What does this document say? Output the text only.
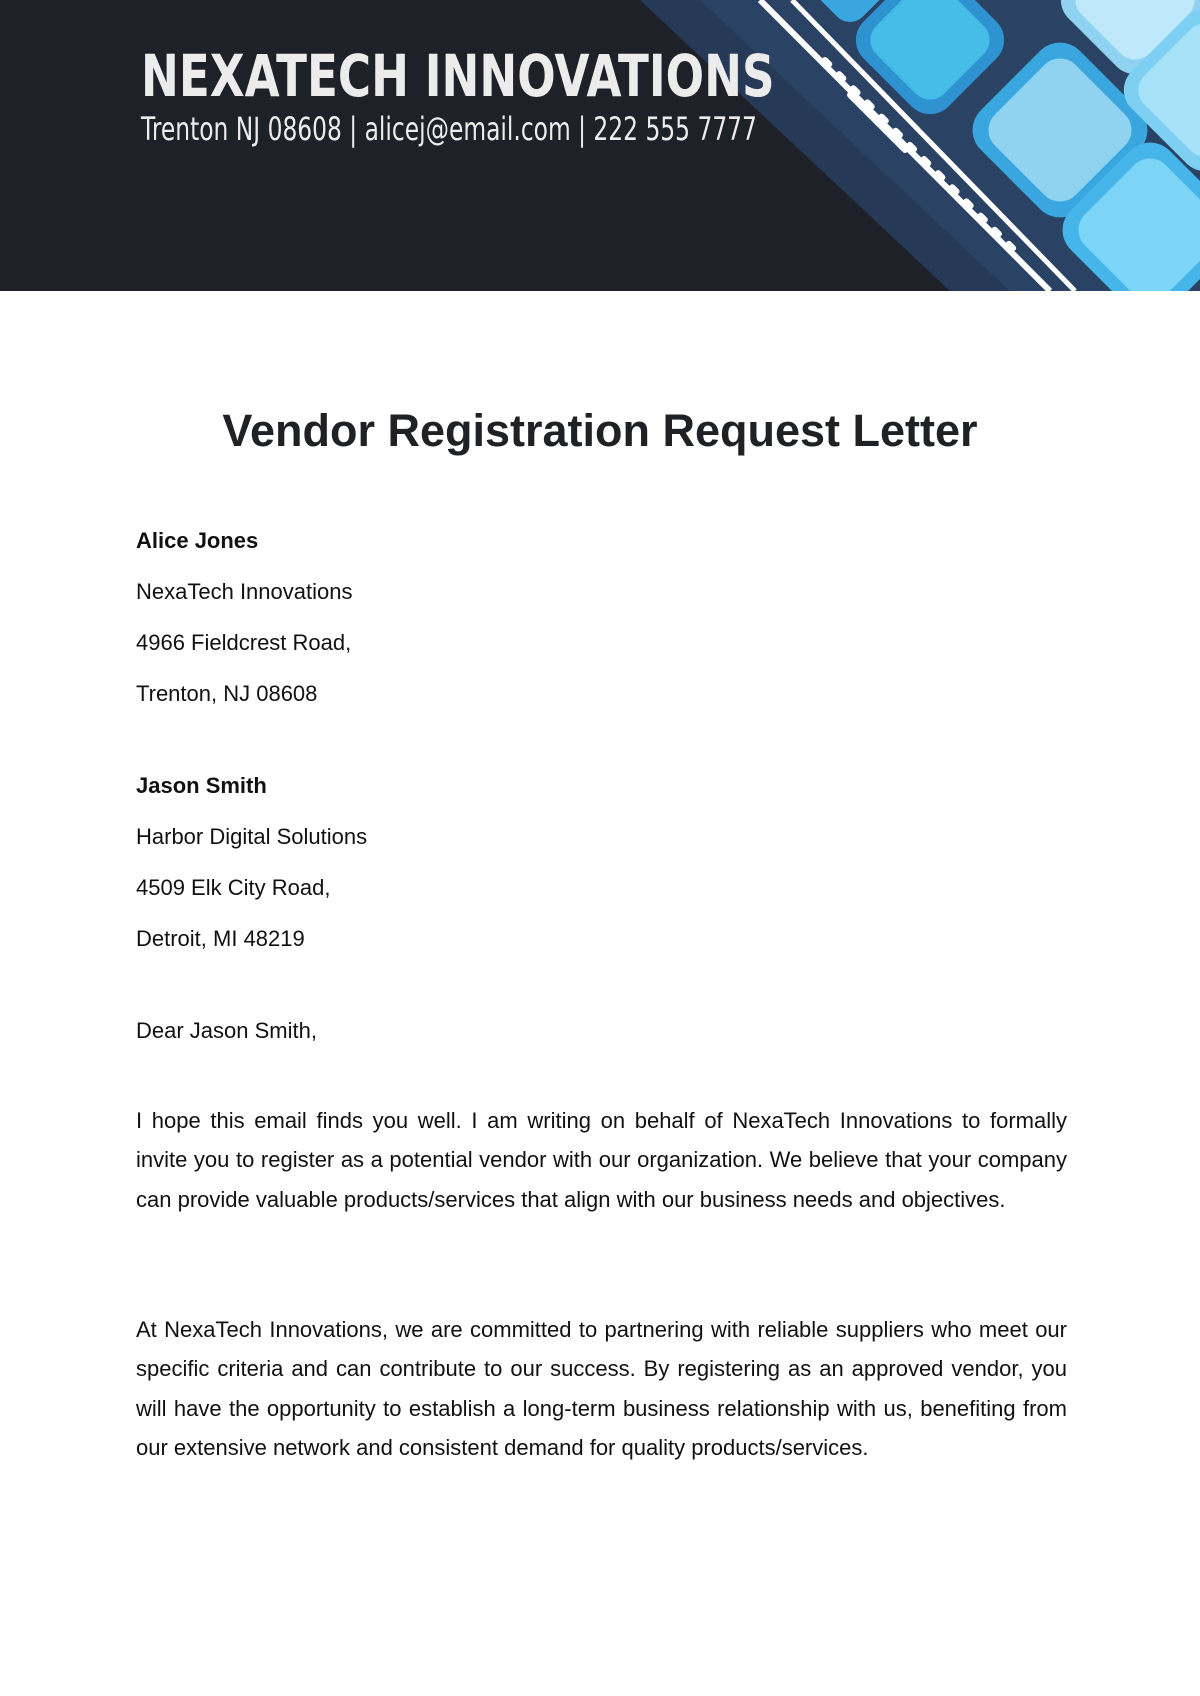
NEXATECH INNOVATIONS

Trenton NJ 08608 | alicej@email.com | 222 555 7777

Vendor Registration Request Letter

Alice Jones

NexaTech Innovations

4966 Fieldcrest Road,

Trenton, NJ 08608

Jason Smith

Harbor Digital Solutions

4509 Elk City Road,

Detroit, MI 48219

Dear Jason Smith,

I hope this email finds you well. I am writing on behalf of NexaTech Innovations to formally invite you to register as a potential vendor with our organization. We believe that your company can provide valuable products/services that align with our business needs and objectives.

At NexaTech Innovations, we are committed to partnering with reliable suppliers who meet our specific criteria and can contribute to our success. By registering as an approved vendor, you will have the opportunity to establish a long-term business relationship with us, benefiting from our extensive network and consistent demand for quality products/services.
